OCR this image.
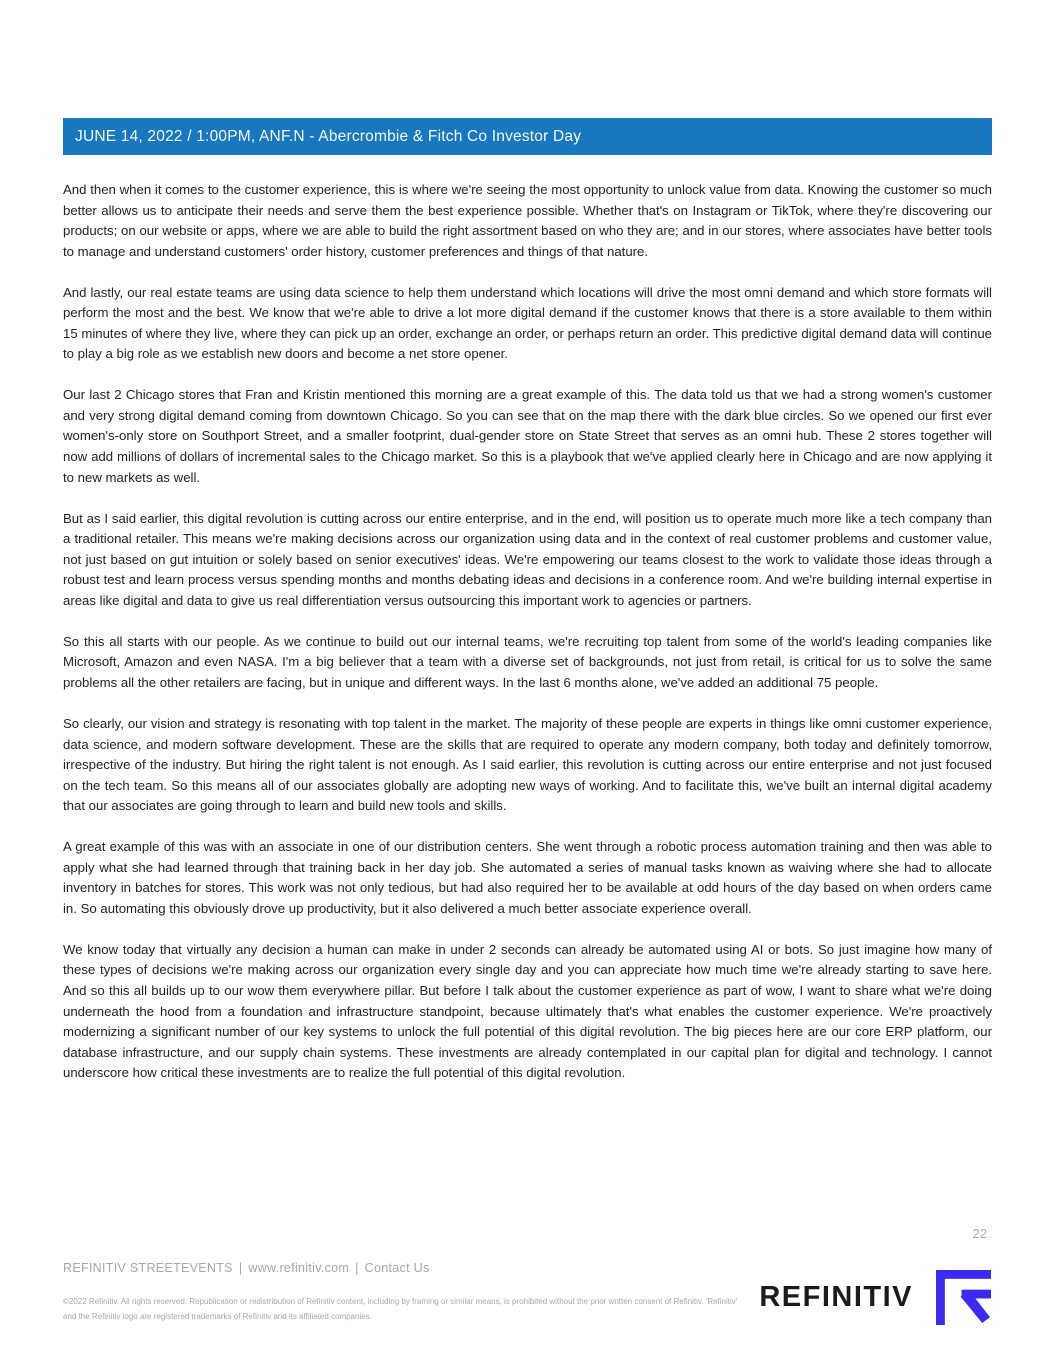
JUNE 14, 2022 / 1:00PM, ANF.N - Abercrombie & Fitch Co Investor Day

And then when it comes to the customer experience, this is where we're seeing the most opportunity to unlock value from data. Knowing the customer so much better allows us to anticipate their needs and serve them the best experience possible. Whether that's on Instagram or TikTok, where they're discovering our products; on our website or apps, where we are able to build the right assortment based on who they are; and in our stores, where associates have better tools to manage and understand customers' order history, customer preferences and things of that nature.

And lastly, our real estate teams are using data science to help them understand which locations will drive the most omni demand and which store formats will perform the most and the best. We know that we're able to drive a lot more digital demand if the customer knows that there is a store available to them within 15 minutes of where they live, where they can pick up an order, exchange an order, or perhaps return an order. This predictive digital demand data will continue to play a big role as we establish new doors and become a net store opener.

Our last 2 Chicago stores that Fran and Kristin mentioned this morning are a great example of this. The data told us that we had a strong women's customer and very strong digital demand coming from downtown Chicago. So you can see that on the map there with the dark blue circles. So we opened our first ever women's-only store on Southport Street, and a smaller footprint, dual-gender store on State Street that serves as an omni hub. These 2 stores together will now add millions of dollars of incremental sales to the Chicago market. So this is a playbook that we've applied clearly here in Chicago and are now applying it to new markets as well.

But as I said earlier, this digital revolution is cutting across our entire enterprise, and in the end, will position us to operate much more like a tech company than a traditional retailer. This means we're making decisions across our organization using data and in the context of real customer problems and customer value, not just based on gut intuition or solely based on senior executives' ideas. We're empowering our teams closest to the work to validate those ideas through a robust test and learn process versus spending months and months debating ideas and decisions in a conference room. And we're building internal expertise in areas like digital and data to give us real differentiation versus outsourcing this important work to agencies or partners.

So this all starts with our people. As we continue to build out our internal teams, we're recruiting top talent from some of the world's leading companies like Microsoft, Amazon and even NASA. I'm a big believer that a team with a diverse set of backgrounds, not just from retail, is critical for us to solve the same problems all the other retailers are facing, but in unique and different ways. In the last 6 months alone, we've added an additional 75 people.

So clearly, our vision and strategy is resonating with top talent in the market. The majority of these people are experts in things like omni customer experience, data science, and modern software development. These are the skills that are required to operate any modern company, both today and definitely tomorrow, irrespective of the industry. But hiring the right talent is not enough. As I said earlier, this revolution is cutting across our entire enterprise and not just focused on the tech team. So this means all of our associates globally are adopting new ways of working. And to facilitate this, we've built an internal digital academy that our associates are going through to learn and build new tools and skills.

A great example of this was with an associate in one of our distribution centers. She went through a robotic process automation training and then was able to apply what she had learned through that training back in her day job. She automated a series of manual tasks known as waiving where she had to allocate inventory in batches for stores. This work was not only tedious, but had also required her to be available at odd hours of the day based on when orders came in. So automating this obviously drove up productivity, but it also delivered a much better associate experience overall.

We know today that virtually any decision a human can make in under 2 seconds can already be automated using AI or bots. So just imagine how many of these types of decisions we're making across our organization every single day and you can appreciate how much time we're already starting to save here. And so this all builds up to our wow them everywhere pillar. But before I talk about the customer experience as part of wow, I want to share what we're doing underneath the hood from a foundation and infrastructure standpoint, because ultimately that's what enables the customer experience. We're proactively modernizing a significant number of our key systems to unlock the full potential of this digital revolution. The big pieces here are our core ERP platform, our database infrastructure, and our supply chain systems. These investments are already contemplated in our capital plan for digital and technology. I cannot underscore how critical these investments are to realize the full potential of this digital revolution.

22
REFINITIV STREETEVENTS | www.refinitiv.com | Contact Us
©2022 Refinitiv. All rights reserved. Republication or redistribution of Refinitiv content, including by framing or similar means, is prohibited without the prior written consent of Refinitiv. 'Refinitiv' and the Refinitiv logo are registered trademarks of Refinitiv and its affiliated companies.
REFINITIV
